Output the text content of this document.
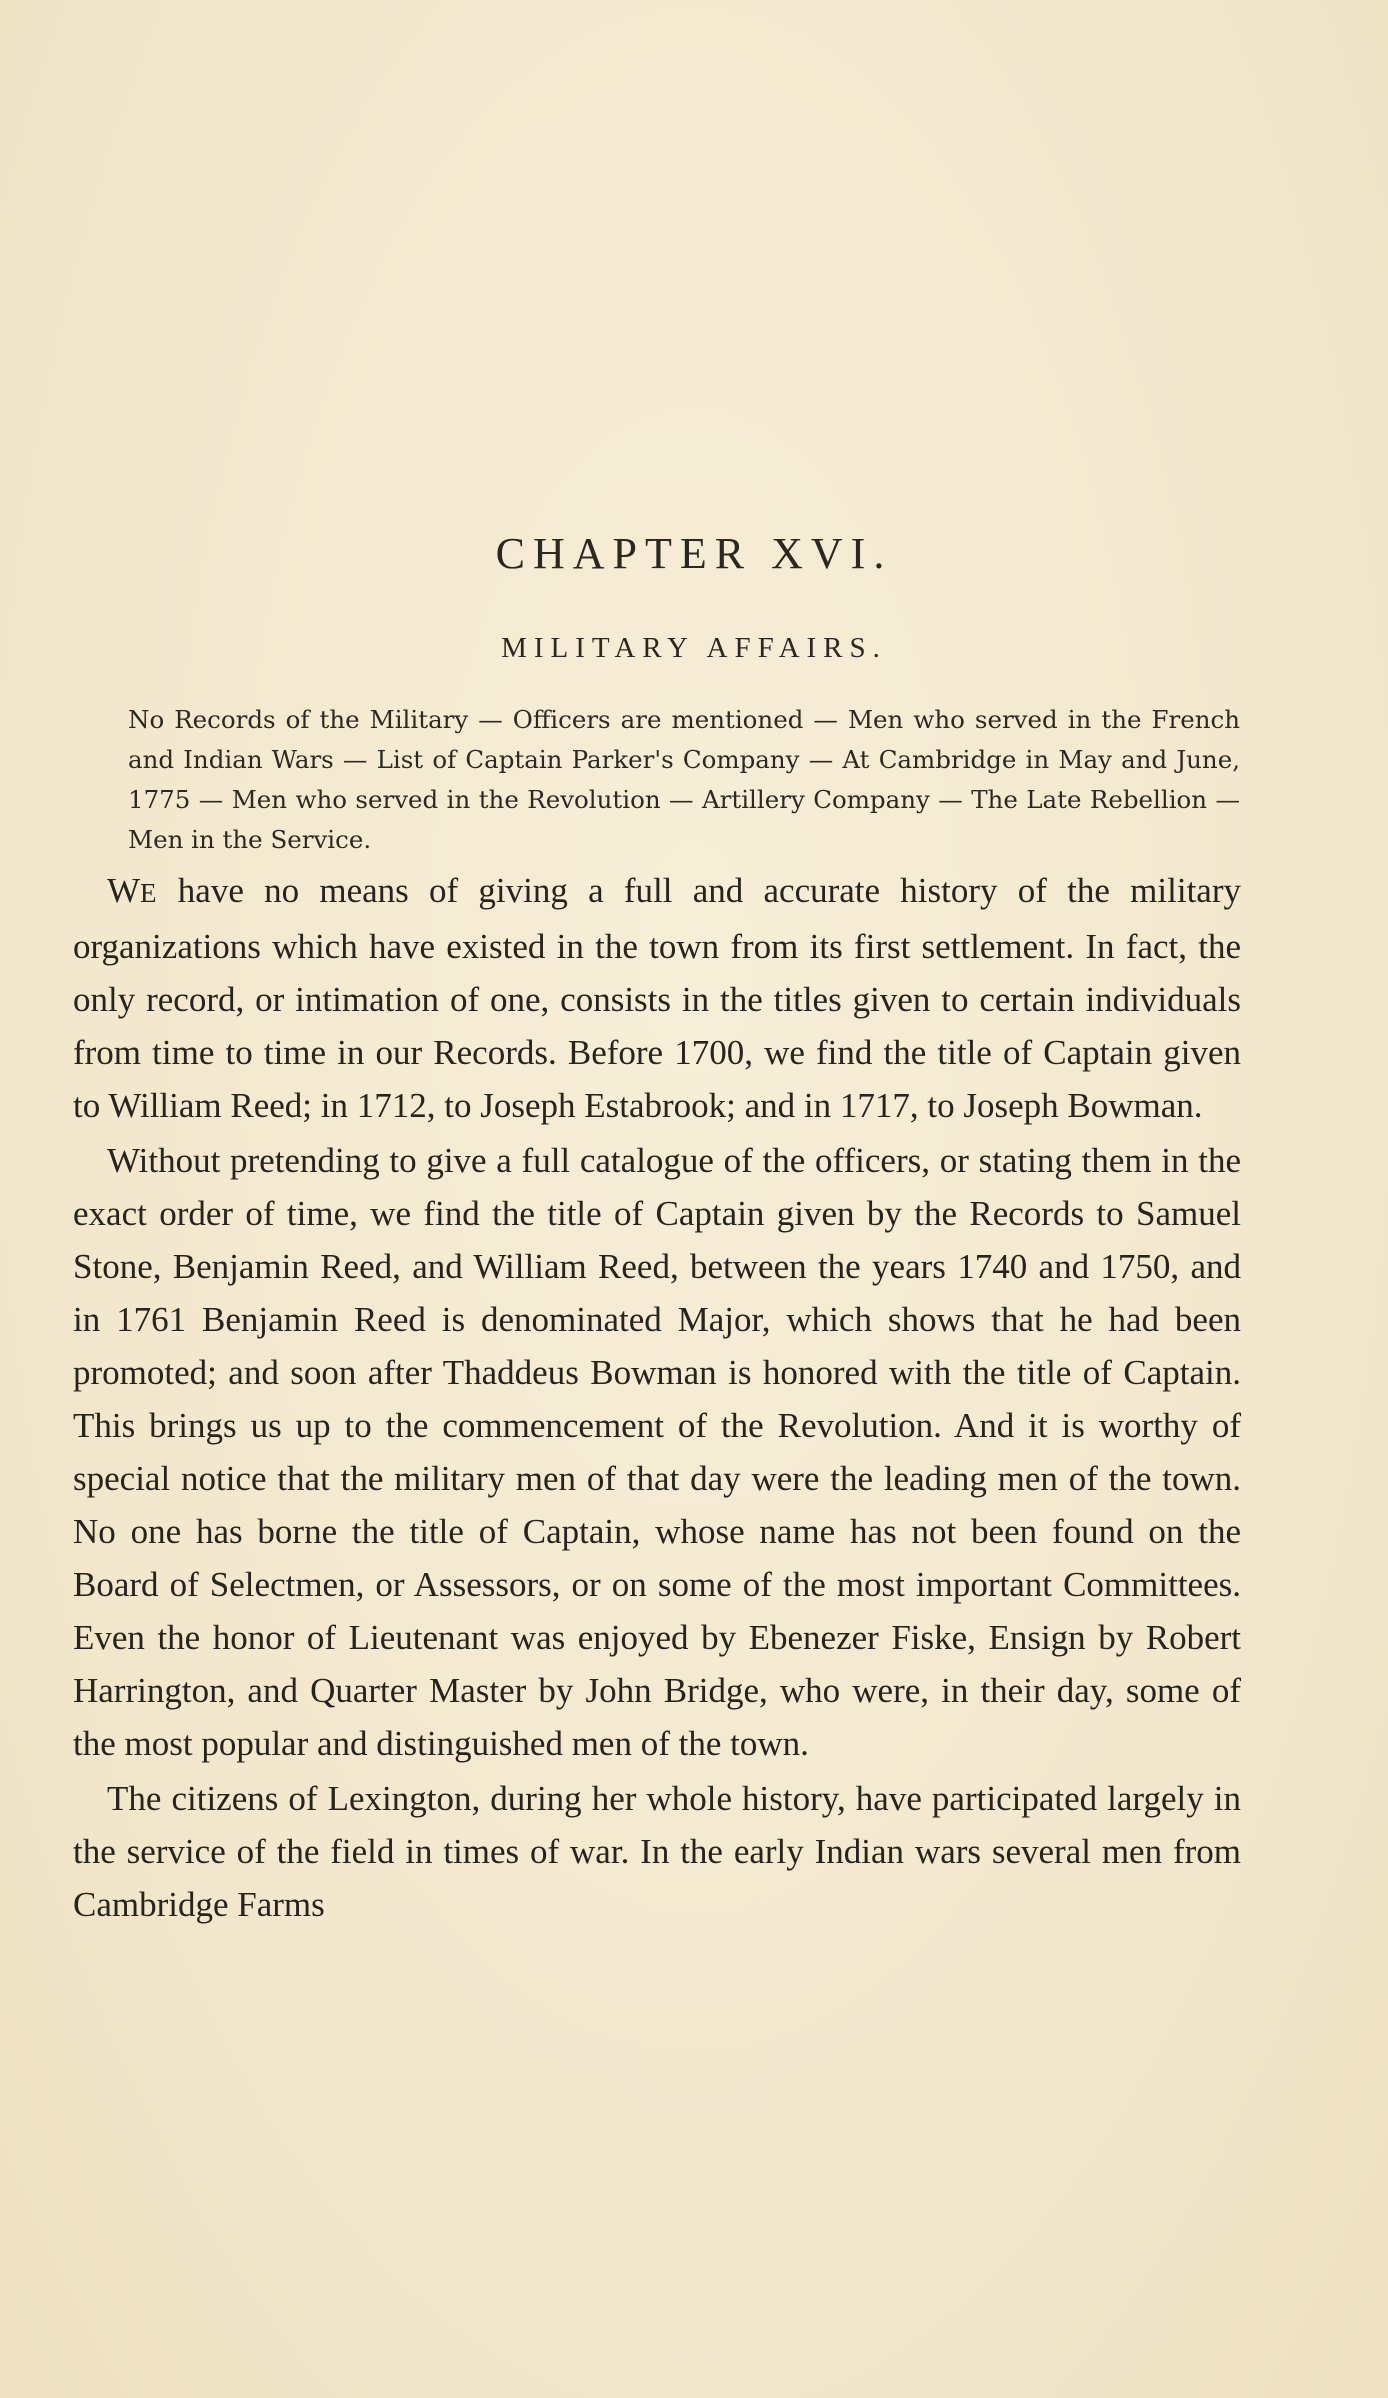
CHAPTER XVI.
MILITARY AFFAIRS.
No Records of the Military — Officers are mentioned — Men who served in the French and Indian Wars — List of Captain Parker's Company — At Cambridge in May and June, 1775 — Men who served in the Revolution — Artillery Company — The Late Rebellion — Men in the Service.

WE have no means of giving a full and accurate history of the military organizations which have existed in the town from its first settlement. In fact, the only record, or intimation of one, consists in the titles given to certain individuals from time to time in our Records. Before 1700, we find the title of Captain given to William Reed; in 1712, to Joseph Estabrook; and in 1717, to Joseph Bowman.

Without pretending to give a full catalogue of the officers, or stating them in the exact order of time, we find the title of Captain given by the Records to Samuel Stone, Benjamin Reed, and William Reed, between the years 1740 and 1750, and in 1761 Benjamin Reed is denominated Major, which shows that he had been promoted; and soon after Thaddeus Bowman is honored with the title of Captain. This brings us up to the commencement of the Revolution. And it is worthy of special notice that the military men of that day were the leading men of the town. No one has borne the title of Captain, whose name has not been found on the Board of Selectmen, or Assessors, or on some of the most important Committees. Even the honor of Lieutenant was enjoyed by Ebenezer Fiske, Ensign by Robert Harrington, and Quarter Master by John Bridge, who were, in their day, some of the most popular and distinguished men of the town.

The citizens of Lexington, during her whole history, have participated largely in the service of the field in times of war. In the early Indian wars several men from Cambridge Farms
